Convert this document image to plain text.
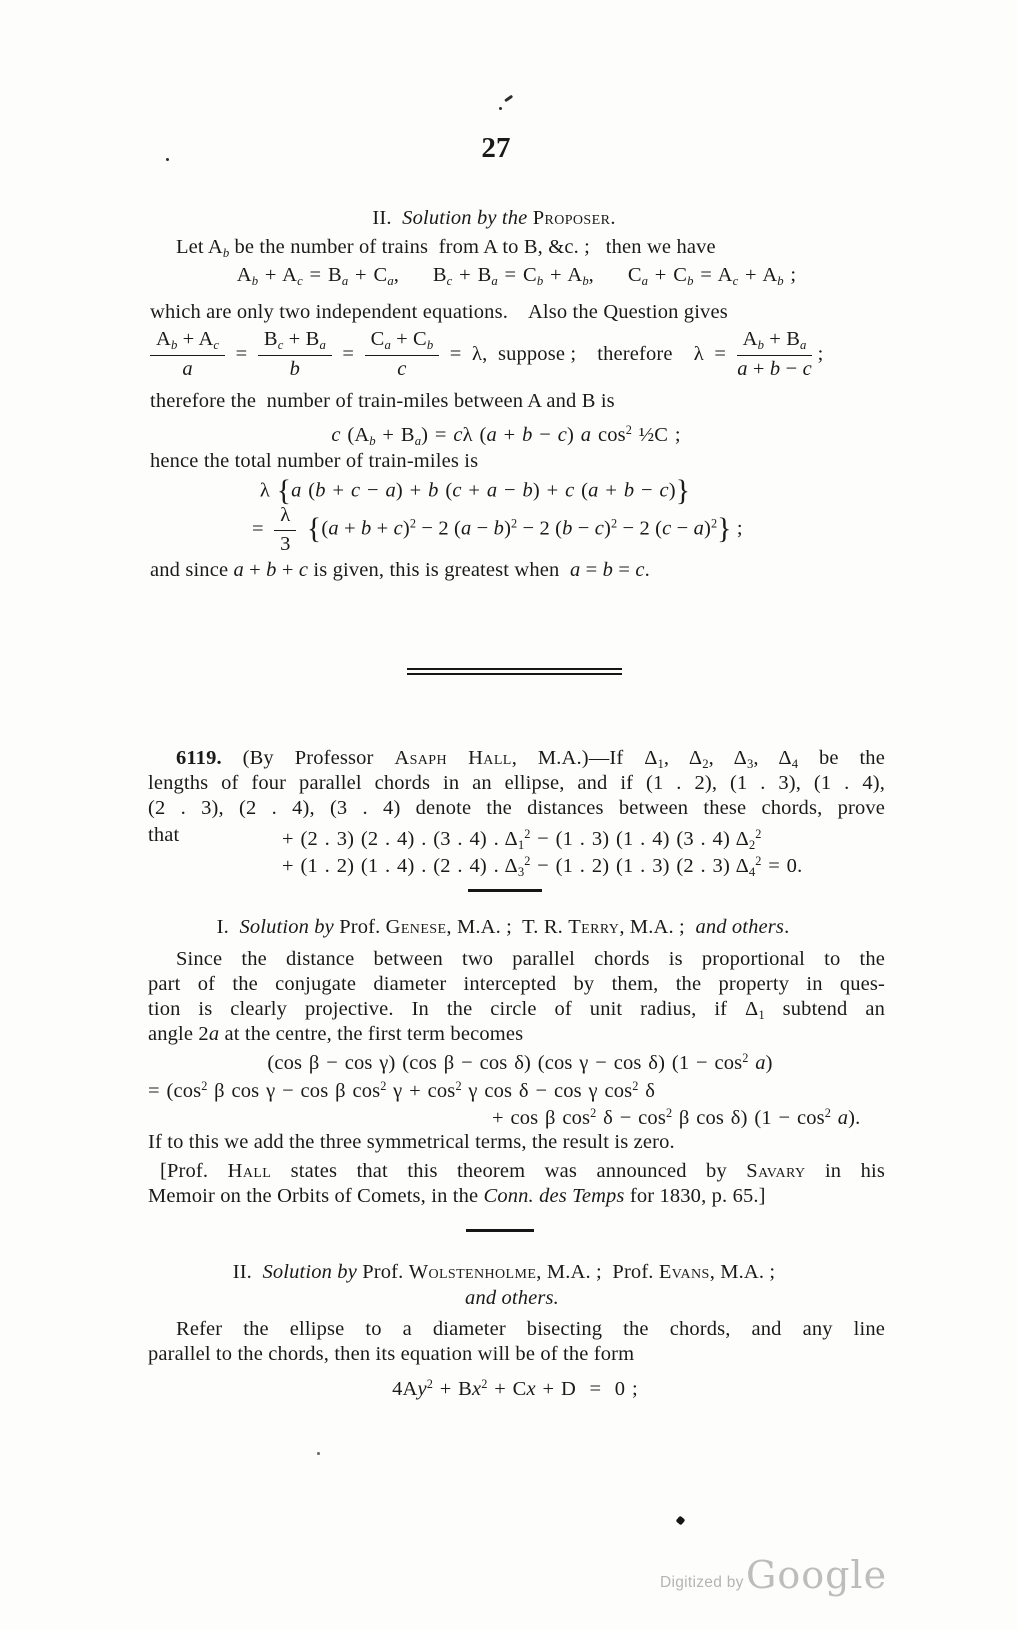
27
II.  Solution by the Proposer.
Let $A_b$ be the number of trains  from A to B, &c. ;   then we have
$A_b + A_c = B_a + C_a$,     $B_c + B_a = C_b + A_b$,     $C_a + C_b = A_c + A_b$ ;
which are only two independent equations.    Also the Question gives
$\frac{A_b + A_c}{a} = \frac{B_c + B_a}{b} = \frac{C_a + C_b}{c} = \lambda$,  suppose ;    therefore    $\lambda = \frac{A_b + B_a}{a + b - c}$ ;
therefore the  number of train-miles between A and B is
c $(A_b + B_a) = c\lambda$ (a + b − c) a $\cos^2$ ½C ;
hence the total number of train-miles is
λ {a (b + c − a) + b (c + a − b) + c (a + b − c)}
= $\frac{\lambda}{3} \{(a + b + c)^2 - 2$ $(a - b)^2 - 2$ $(b - c)^2 - 2$ $(c - a)^2$} ;
and since a + b + c is given, this is greatest when  a = b = c.
6119. (By Professor Asaph Hall, M.A.)—If $\Delta_1$, $\Delta_2$, $\Delta_3$, $\Delta_4$ be the
lengths of four parallel chords in an ellipse, and if (1 . 2), (1 . 3), (1 . 4),
(2 . 3), (2 . 4), (3 . 4) denote the distances between these chords, prove
that	+ (2 . 3) (2 . 4) . (3 . 4) . $\Delta_1^2 - (1$ . 3) (1 . 4) (3 . 4) $\Delta_2^2$
+ (1 . 2) (1 . 4) . (2 . 4) . $\Delta_3^2 - (1$ . 2) (1 . 3) (2 . 3) $\Delta_4^2 = 0$.
I.  Solution by Prof. Genese, M.A. ;  T. R. Terry, M.A. ;  and others.
Since the distance between two parallel chords is proportional to the
part of the conjugate diameter intercepted by them, the property in ques-
tion is clearly projective. In the circle of unit radius, if $\Delta_1$ subtend an
angle 2a at the centre, the first term becomes
(cos β − cos γ) (cos β − cos δ) (cos γ − cos δ) $(1 - \cos^2 a)$
= ($\cos^2$ β cos γ − cos β $\cos^2 \gamma + \cos^2 \gamma$ cos δ − cos γ $\cos^2 \delta$
+ cos β $\cos^2 \delta - \cos^2 \beta$ cos δ) $(1 - \cos^2 a)$.
If to this we add the three symmetrical terms, the result is zero.
[Prof. Hall states that this theorem was announced by Savary in his
Memoir on the Orbits of Comets, in the Conn. des Temps for 1830, p. 65.]
II.  Solution by Prof. Wolstenholme, M.A. ;  Prof. Evans, M.A. ;
and others.
Refer the ellipse to a diameter bisecting the chords, and any line
parallel to the chords, then its equation will be of the form
$4Ay^2 + Bx^2 + Cx + D = 0$ ;
Digitized by Google
